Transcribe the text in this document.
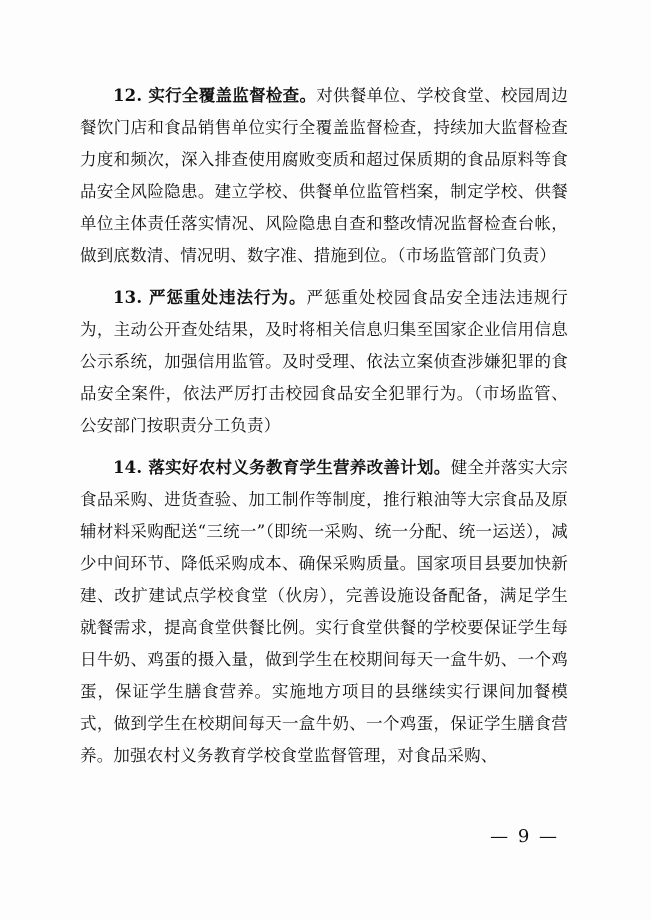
12. 实行全覆盖监督检查。对供餐单位、学校食堂、校园周边餐饮门店和食品销售单位实行全覆盖监督检查，持续加大监督检查力度和频次，深入排查使用腐败变质和超过保质期的食品原料等食品安全风险隐患。建立学校、供餐单位监管档案，制定学校、供餐单位主体责任落实情况、风险隐患自查和整改情况监督检查台帐，做到底数清、情况明、数字准、措施到位。（市场监管部门负责）

13. 严惩重处违法行为。严惩重处校园食品安全违法违规行为，主动公开查处结果，及时将相关信息归集至国家企业信用信息公示系统，加强信用监管。及时受理、依法立案侦查涉嫌犯罪的食品安全案件，依法严厉打击校园食品安全犯罪行为。（市场监管、公安部门按职责分工负责）

14. 落实好农村义务教育学生营养改善计划。健全并落实大宗食品采购、进货查验、加工制作等制度，推行粮油等大宗食品及原辅材料采购配送“三统一”（即统一采购、统一分配、统一运送），减少中间环节、降低采购成本、确保采购质量。国家项目县要加快新建、改扩建试点学校食堂（伙房），完善设施设备配备，满足学生就餐需求，提高食堂供餐比例。实行食堂供餐的学校要保证学生每日牛奶、鸡蛋的摄入量，做到学生在校期间每天一盒牛奶、一个鸡蛋，保证学生膳食营养。实施地方项目的县继续实行课间加餐模式，做到学生在校期间每天一盒牛奶、一个鸡蛋，保证学生膳食营养。加强农村义务教育学校食堂监督管理，对食品采购、

— 9 —
